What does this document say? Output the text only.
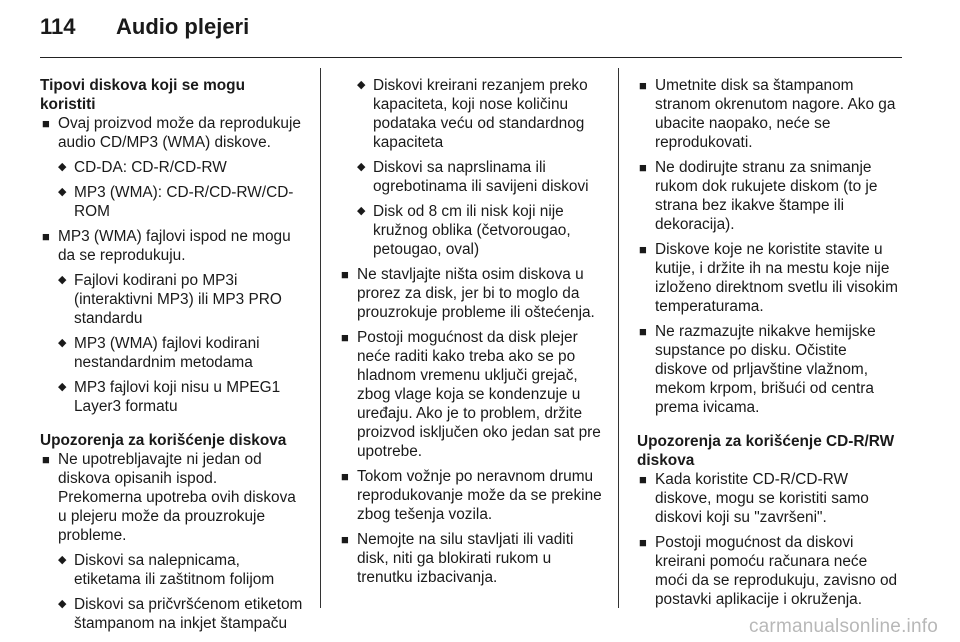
114	Audio plejeri
Tipovi diskova koji se mogu koristiti
■ Ovaj proizvod može da reprodukuje audio CD/MP3 (WMA) diskove.
◆ CD-DA: CD-R/CD-RW
◆ MP3 (WMA): CD-R/CD-RW/CD-ROM
■ MP3 (WMA) fajlovi ispod ne mogu da se reprodukuju.
◆ Fajlovi kodirani po MP3i (interaktivni MP3) ili MP3 PRO standardu
◆ MP3 (WMA) fajlovi kodirani nestandardnim metodama
◆ MP3 fajlovi koji nisu u MPEG1 Layer3 formatu
Upozorenja za korišćenje diskova
■ Ne upotrebljavajte ni jedan od diskova opisanih ispod.
Prekomerna upotreba ovih diskova u plejeru može da prouzrokuje probleme.
◆ Diskovi sa nalepnicama, etiketama ili zaštitnom folijom
◆ Diskovi sa pričvršćenom etiketom štampanom na inkjet štampaču
◆ Diskovi kreirani rezanjem preko kapaciteta, koji nose količinu podataka veću od standardnog kapaciteta
◆ Diskovi sa naprslinama ili ogrebotinama ili savijeni diskovi
◆ Disk od 8 cm ili nisk koji nije kružnog oblika (četvorougao, petougao, oval)
■ Ne stavljajte ništa osim diskova u prorez za disk, jer bi to moglo da prouzrokuje probleme ili oštećenja.
■ Postoji mogućnost da disk plejer neće raditi kako treba ako se po hladnom vremenu uključi grejač, zbog vlage koja se kondenzuje u uređaju. Ako je to problem, držite proizvod isključen oko jedan sat pre upotrebe.
■ Tokom vožnje po neravnom drumu reprodukovanje može da se prekine zbog tešenja vozila.
■ Nemojte na silu stavljati ili vaditi disk, niti ga blokirati rukom u trenutku izbacivanja.
■ Umetnite disk sa štampanom stranom okrenutom nagore. Ako ga ubacite naopako, neće se reprodukovati.
■ Ne dodirujte stranu za snimanje rukom dok rukujete diskom (to je strana bez ikakve štampe ili dekoracija).
■ Diskove koje ne koristite stavite u kutije, i držite ih na mestu koje nije izloženo direktnom svetlu ili visokim temperaturama.
■ Ne razmazujte nikakve hemijske supstance po disku. Očistite diskove od prljavštine vlažnom, mekom krpom, brišući od centra prema ivicama.
Upozorenja za korišćenje CD-R/RW diskova
■ Kada koristite CD-R/CD-RW diskove, mogu se koristiti samo diskovi koji su "završeni".
■ Postoji mogućnost da diskovi kreirani pomoću računara neće moći da se reprodukuju, zavisno od postavki aplikacije i okruženja.
carmanualsonline.info
